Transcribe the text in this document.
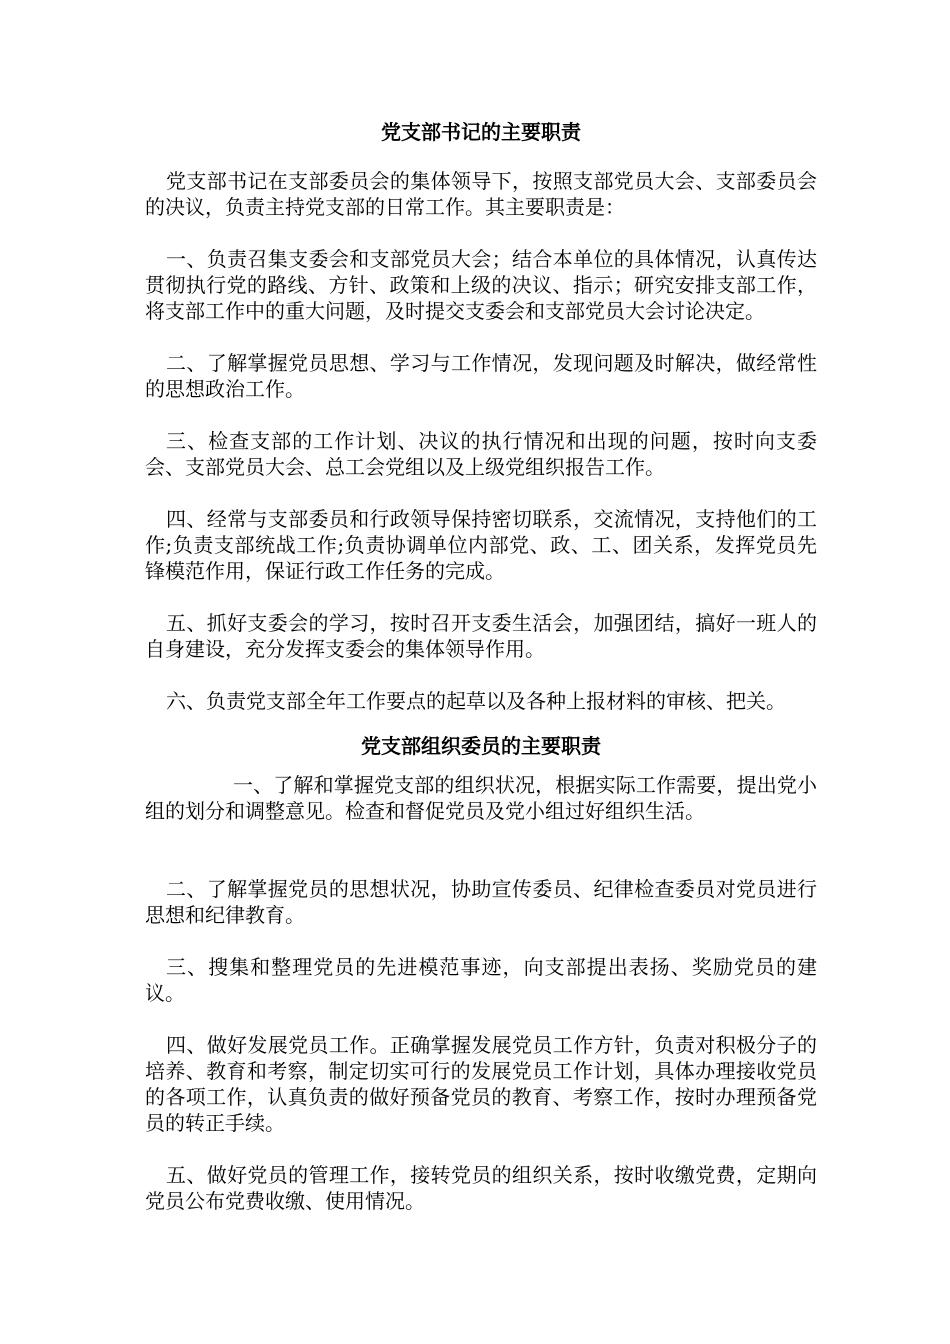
党支部书记的主要职责

党支部书记在支部委员会的集体领导下，按照支部党员大会、支部委员会的决议，负责主持党支部的日常工作。其主要职责是：

一、负责召集支委会和支部党员大会；结合本单位的具体情况，认真传达贯彻执行党的路线、方针、政策和上级的决议、指示；研究安排支部工作，将支部工作中的重大问题，及时提交支委会和支部党员大会讨论决定。

二、了解掌握党员思想、学习与工作情况，发现问题及时解决，做经常性的思想政治工作。

三、检查支部的工作计划、决议的执行情况和出现的问题，按时向支委会、支部党员大会、总工会党组以及上级党组织报告工作。

四、经常与支部委员和行政领导保持密切联系，交流情况，支持他们的工作;负责支部统战工作;负责协调单位内部党、政、工、团关系，发挥党员先锋模范作用，保证行政工作任务的完成。

五、抓好支委会的学习，按时召开支委生活会，加强团结，搞好一班人的自身建设，充分发挥支委会的集体领导作用。

六、负责党支部全年工作要点的起草以及各种上报材料的审核、把关。

党支部组织委员的主要职责

一、了解和掌握党支部的组织状况，根据实际工作需要，提出党小组的划分和调整意见。检查和督促党员及党小组过好组织生活。

二、了解掌握党员的思想状况，协助宣传委员、纪律检查委员对党员进行思想和纪律教育。

三、搜集和整理党员的先进模范事迹，向支部提出表扬、奖励党员的建议。

四、做好发展党员工作。正确掌握发展党员工作方针，负责对积极分子的培养、教育和考察，制定切实可行的发展党员工作计划，具体办理接收党员的各项工作，认真负责的做好预备党员的教育、考察工作，按时办理预备党员的转正手续。

五、做好党员的管理工作，接转党员的组织关系，按时收缴党费，定期向党员公布党费收缴、使用情况。
